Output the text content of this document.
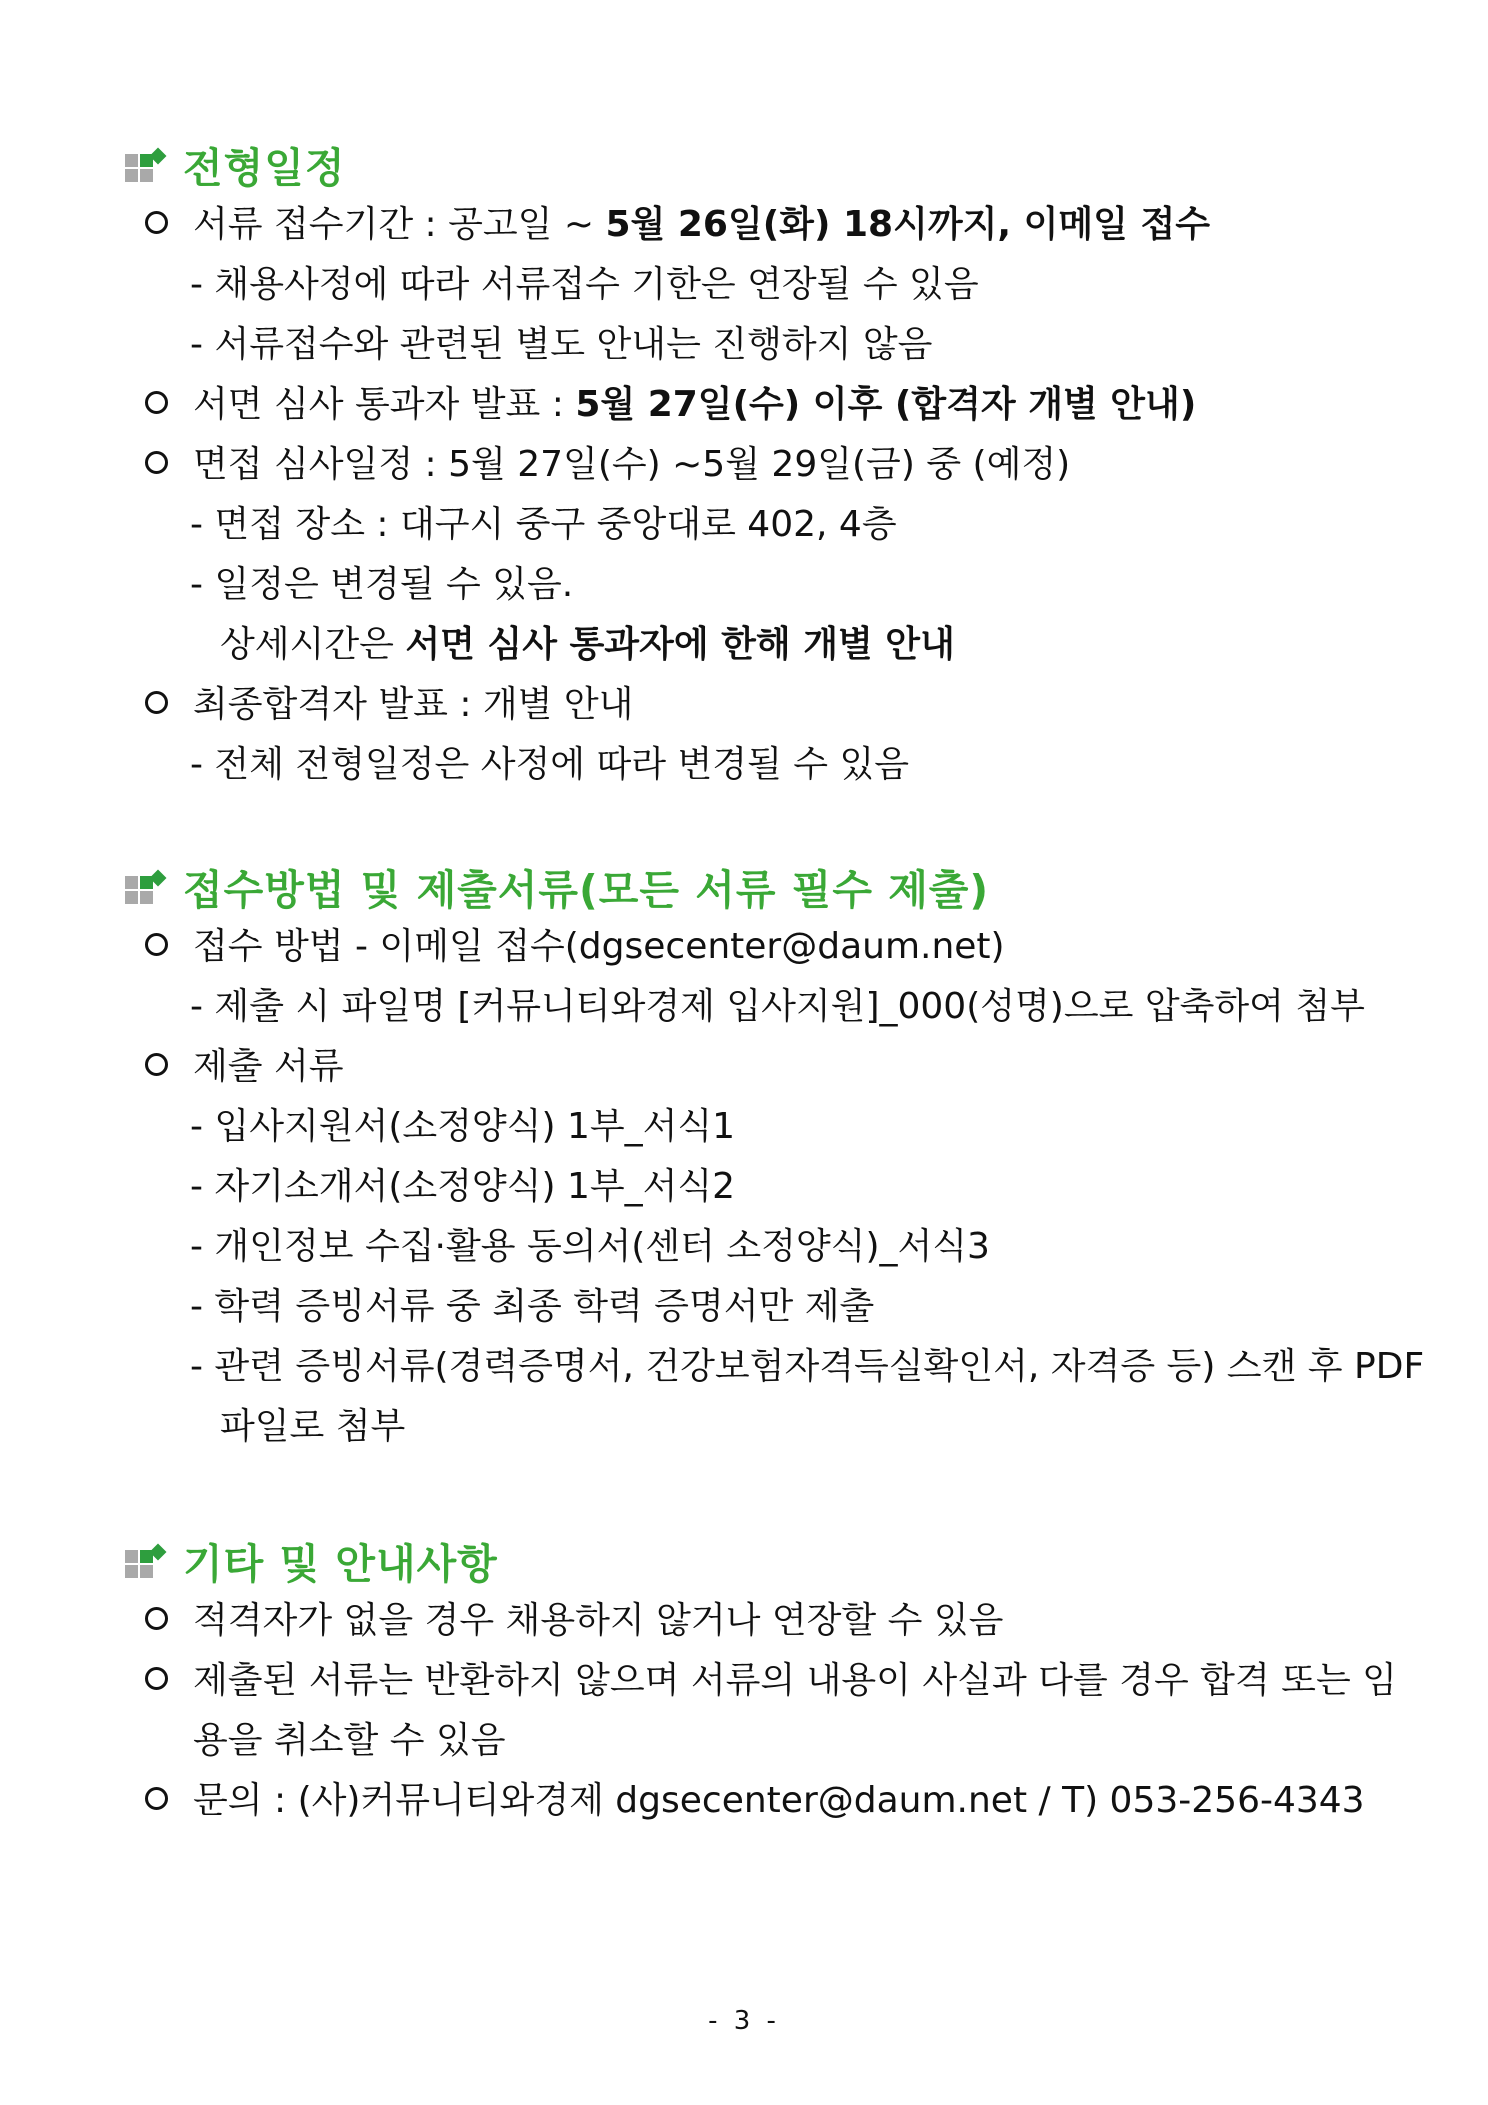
전형일정
서류 접수기간 : 공고일 ~ 5월 26일(화) 18시까지, 이메일 접수
- 채용사정에 따라 서류접수 기한은 연장될 수 있음
- 서류접수와 관련된 별도 안내는 진행하지 않음
서면 심사 통과자 발표 : 5월 27일(수) 이후 (합격자 개별 안내)
면접 심사일정 : 5월 27일(수) ~5월 29일(금) 중 (예정)
- 면접 장소 : 대구시 중구 중앙대로 402, 4층
- 일정은 변경될 수 있음.
상세시간은 서면 심사 통과자에 한해 개별 안내
최종합격자 발표 : 개별 안내
- 전체 전형일정은 사정에 따라 변경될 수 있음
접수방법 및 제출서류(모든 서류 필수 제출)
접수 방법 - 이메일 접수(dgsecenter@daum.net)
- 제출 시 파일명 [커뮤니티와경제 입사지원]_000(성명)으로 압축하여 첨부
제출 서류
- 입사지원서(소정양식) 1부_서식1
- 자기소개서(소정양식) 1부_서식2
- 개인정보 수집·활용 동의서(센터 소정양식)_서식3
- 학력 증빙서류 중 최종 학력 증명서만 제출
- 관련 증빙서류(경력증명서, 건강보험자격득실확인서, 자격증 등) 스캔 후 PDF
파일로 첨부
기타 및 안내사항
적격자가 없을 경우 채용하지 않거나 연장할 수 있음
제출된 서류는 반환하지 않으며 서류의 내용이 사실과 다를 경우 합격 또는 임
용을 취소할 수 있음
문의 : (사)커뮤니티와경제 dgsecenter@daum.net / T) 053-256-4343
- 3 -
